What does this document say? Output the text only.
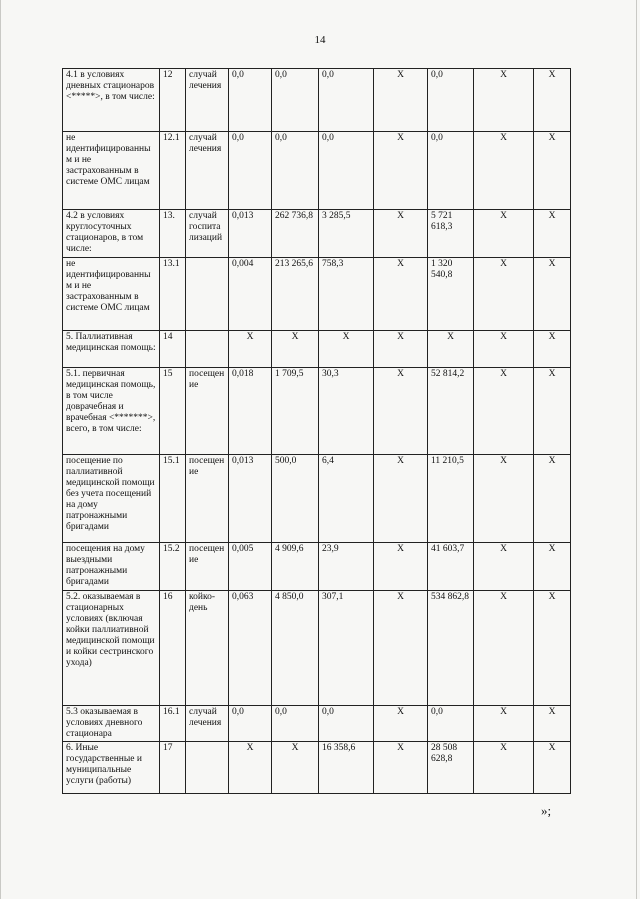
14
4.1 в условиях дневных стационаров <*****>, в том числе:	12	случай лечения	0,0	0,0	0,0	Х	0,0	Х	Х
не идентифицированным и не застрахованным в системе ОМС лицам	12.1	случай лечения	0,0	0,0	0,0	Х	0,0	Х	Х
4.2 в условиях круглосуточных стационаров, в том числе:	13.	случай госпитализаций	0,013	262 736,8	3 285,5	Х	5 721 618,3	Х	Х
не идентифицированным и не застрахованным в системе ОМС лицам	13.1		0,004	213 265,6	758,3	Х	1 320 540,8	Х	Х
5. Паллиативная медицинская помощь:	14		Х	Х	Х	Х	Х	Х	Х
5.1. первичная медицинская помощь, в том числе доврачебная и врачебная <*******>, всего, в том числе:	15	посещение	0,018	1 709,5	30,3	Х	52 814,2	Х	Х
посещение по паллиативной медицинской помощи без учета посещений на дому патронажными бригадами	15.1	посещение	0,013	500,0	6,4	Х	11 210,5	Х	Х
посещения на дому выездными патронажными бригадами	15.2	посещение	0,005	4 909,6	23,9	Х	41 603,7	Х	Х
5.2. оказываемая в стационарных условиях (включая койки паллиативной медицинской помощи и койки сестринского ухода)	16	койко-день	0,063	4 850,0	307,1	Х	534 862,8	Х	Х
5.3 оказываемая в условиях дневного стационара	16.1	случай лечения	0,0	0,0	0,0	Х	0,0	Х	Х
6. Иные государственные и муниципальные услуги (работы)	17		Х	Х	16 358,6	Х	28 508 628,8	Х	Х
»;
